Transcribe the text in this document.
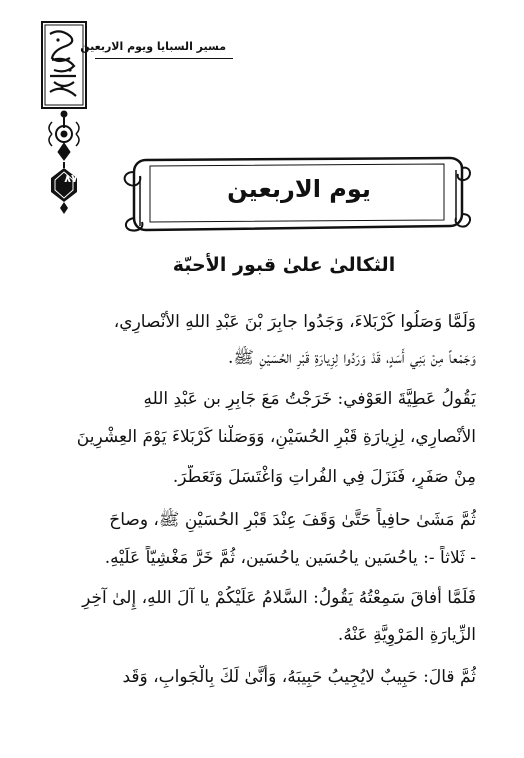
مسير السبايا ويوم الاربعين
٨٧	يوم الاربعين
الثكالىٰ علىٰ قبور الأحبّة
وَلَمَّا وَصَلُوا كَرْبَلاءَ، وَجَدُوا جابِرَ بْنَ عَبْدِ اللهِ الأَنْصارِي،
وَجَمْعاً مِنْ بَنِي أَسَدٍ، قَدْ وَرَدُوا لِزِيارَةِ قَبْرِ الحُسَيْنِ ﷺ.
يَقُولُ عَطِيَّةَ العَوْفي: خَرَجْتُ مَعَ جَابِرِ بن عَبْدِ اللهِ
الأَنْصارِي، لِزِيارَةِ قَبْرِ الحُسَيْنِ، وَوَصَلْنا كَرْبَلاءَ يَوْمَ العِشْرِينَ
مِنْ صَفَرٍ، فَنَزَلَ فِي الفُراتِ وَاغْتَسَلَ وَتَعَطَّرَ.
ثُمَّ مَشَىٰ حافِياً حَتَّىٰ وَقَفَ عِنْدَ قَبْرِ الحُسَيْنِ ﷺ، وصاحَ
- ثَلاثاً -: ياحُسَين ياحُسَين ياحُسَين، ثُمَّ خَرَّ مَغْشِيّاً عَلَيْهِ.
فَلَمَّا أَفاقَ سَمِعْتُهُ يَقُولُ: السَّلامُ عَلَيْكُمْ يا آلَ اللهِ، إِلىٰ آخِرِ
الزِّيارَةِ المَرْوِيَّةِ عَنْهُ.
ثُمَّ قالَ: حَبِيبٌ لايُجِيبُ حَبِيبَهُ، وَأَنَّىٰ لَكَ بِالْجَوابِ، وَقَد
